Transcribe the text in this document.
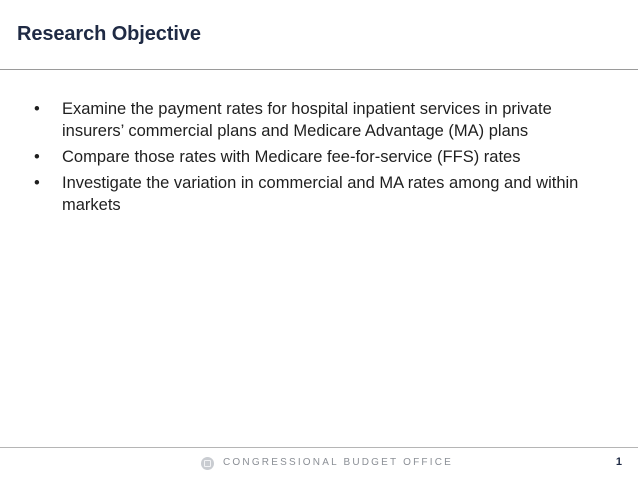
Research Objective
• Examine the payment rates for hospital inpatient services in private insurers’ commercial plans and Medicare Advantage (MA) plans
• Compare those rates with Medicare fee-for-service (FFS) rates
• Investigate the variation in commercial and MA rates among and within markets
CONGRESSIONAL BUDGET OFFICE	1
